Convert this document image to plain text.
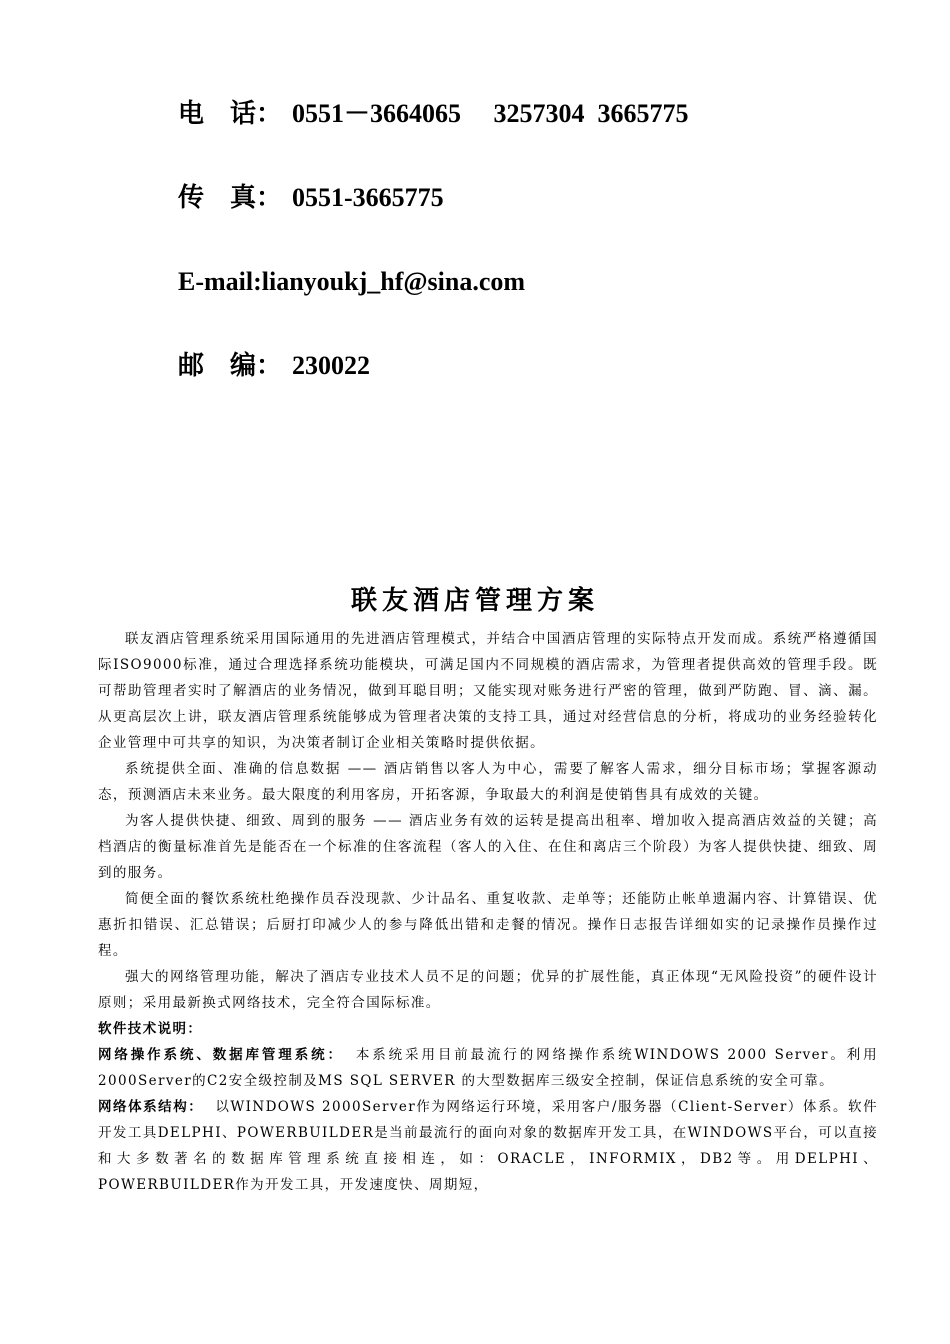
电　话： 0551－3664065　 3257304  3665775
传　真： 0551-3665775
E-mail:lianyoukj_hf@sina.com
邮　编： 230022
联友酒店管理方案

联友酒店管理系统采用国际通用的先进酒店管理模式，并结合中国酒店管理的实际特点开发而成。系统严格遵循国际ISO9000标准，通过合理选择系统功能模块，可满足国内不同规模的酒店需求，为管理者提供高效的管理手段。既可帮助管理者实时了解酒店的业务情况，做到耳聪目明；又能实现对账务进行严密的管理，做到严防跑、冒、滴、漏。从更高层次上讲，联友酒店管理系统能够成为管理者决策的支持工具，通过对经营信息的分析，将成功的业务经验转化企业管理中可共享的知识，为决策者制订企业相关策略时提供依据。

系统提供全面、准确的信息数据 —— 酒店销售以客人为中心，需要了解客人需求，细分目标市场；掌握客源动态，预测酒店未来业务。最大限度的利用客房，开拓客源，争取最大的利润是使销售具有成效的关键。

为客人提供快捷、细致、周到的服务 —— 酒店业务有效的运转是提高出租率、增加收入提高酒店效益的关键；高档酒店的衡量标准首先是能否在一个标准的住客流程（客人的入住、在住和离店三个阶段）为客人提供快捷、细致、周到的服务。

简便全面的餐饮系统杜绝操作员吞没现款、少计品名、重复收款、走单等；还能防止帐单遗漏内容、计算错误、优惠折扣错误、汇总错误；后厨打印减少人的参与降低出错和走餐的情况。操作日志报告详细如实的记录操作员操作过程。

强大的网络管理功能，解决了酒店专业技术人员不足的问题；优异的扩展性能，真正体现“无风险投资”的硬件设计原则；采用最新换式网络技术，完全符合国际标准。

软件技术说明：

网络操作系统、数据库管理系统： 本系统采用目前最流行的网络操作系统WINDOWS 2000 Server。利用2000Server的C2安全级控制及MS SQL SERVER 的大型数据库三级安全控制，保证信息系统的安全可靠。

网络体系结构： 以WINDOWS 2000Server作为网络运行环境，采用客户/服务器（Client-Server）体系。软件开发工具DELPHI、POWERBUILDER是当前最流行的面向对象的数据库开发工具，在WINDOWS平台，可以直接和大多数著名的数据库管理系统直接相连，如：ORACLE，INFORMIX，DB2等。用DELPHI、POWERBUILDER作为开发工具，开发速度快、周期短，
